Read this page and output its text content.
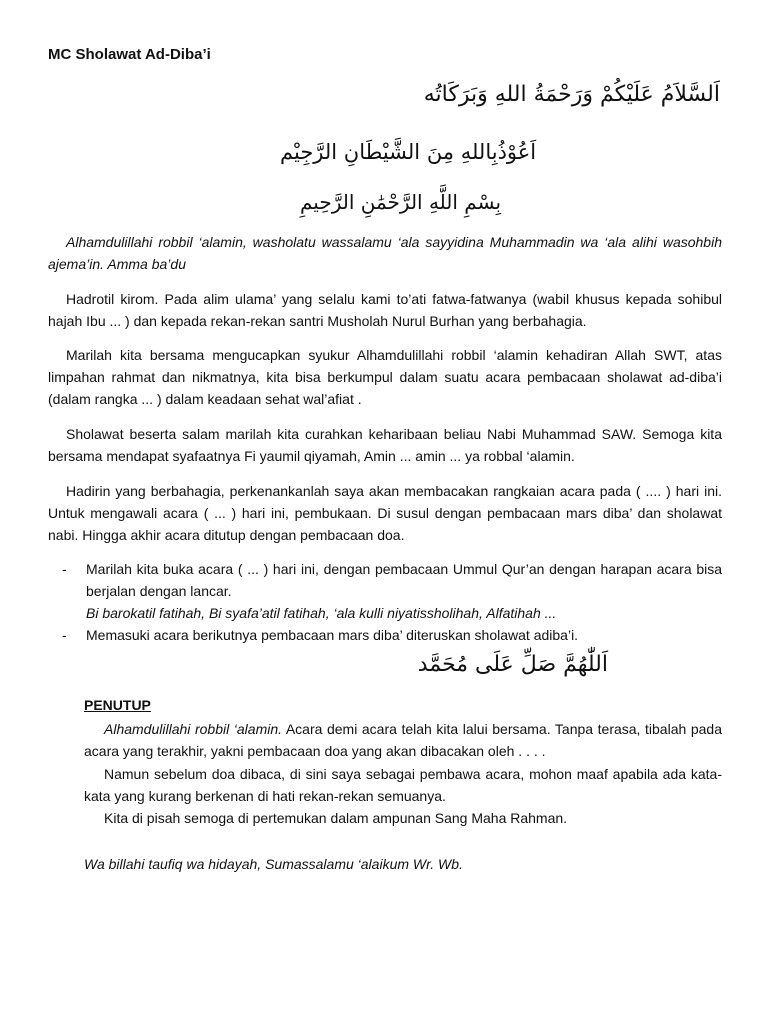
MC Sholawat Ad-Diba’i
اَلسَّلاَمُ عَلَيْكُمْ وَرَحْمَةُ اللهِ وَبَرَكَاتُه
اَعُوْذُبِاللهِ مِنَ الشَّيْطَانِ الرَّجِيْم
بِسْمِ اللَّهِ الرَّحْمَٰنِ الرَّحِيمِ

Alhamdulillahi robbil ‘alamin, washolatu wassalamu ‘ala sayyidina Muhammadin wa ‘ala alihi wasohbih ajema’in. Amma ba’du

Hadrotil kirom. Pada alim ulama’ yang selalu kami to’ati fatwa-fatwanya (wabil khusus kepada sohibul hajah Ibu ... ) dan kepada rekan-rekan santri Musholah Nurul Burhan yang berbahagia.

Marilah kita bersama mengucapkan syukur Alhamdulillahi robbil ‘alamin kehadiran Allah SWT, atas limpahan rahmat dan nikmatnya, kita bisa berkumpul dalam suatu acara pembacaan sholawat ad-diba’i (dalam rangka ... ) dalam keadaan sehat wal’afiat .

Sholawat beserta salam marilah kita curahkan keharibaan beliau Nabi Muhammad SAW. Semoga kita bersama mendapat syafaatnya Fi yaumil qiyamah, Amin ... amin ... ya robbal ‘alamin.

Hadirin yang berbahagia, perkenankanlah saya akan membacakan rangkaian acara pada ( .... ) hari ini. Untuk mengawali acara ( ... ) hari ini, pembukaan. Di susul dengan pembacaan mars diba’ dan sholawat nabi. Hingga akhir acara ditutup dengan pembacaan doa.

- Marilah kita buka acara ( ... ) hari ini, dengan pembacaan Ummul Qur’an dengan harapan acara bisa berjalan dengan lancar.
Bi barokatil fatihah, Bi syafa’atil fatihah, ‘ala kulli niyatissholihah, Alfatihah ...
- Memasuki acara berikutnya pembacaan mars diba’ diteruskan sholawat adiba’i.
اَللّٰهُمَّ صَلِّ عَلَى مُحَمَّد
PENUTUP

Alhamdulillahi robbil ‘alamin. Acara demi acara telah kita lalui bersama. Tanpa terasa, tibalah pada acara yang terakhir, yakni pembacaan doa yang akan dibacakan oleh . . . .

Namun sebelum doa dibaca, di sini saya sebagai pembawa acara, mohon maaf apabila ada kata-kata yang kurang berkenan di hati rekan-rekan semuanya.

Kita di pisah semoga di pertemukan dalam ampunan Sang Maha Rahman.

Wa billahi taufiq wa hidayah, Sumassalamu ‘alaikum Wr. Wb.
